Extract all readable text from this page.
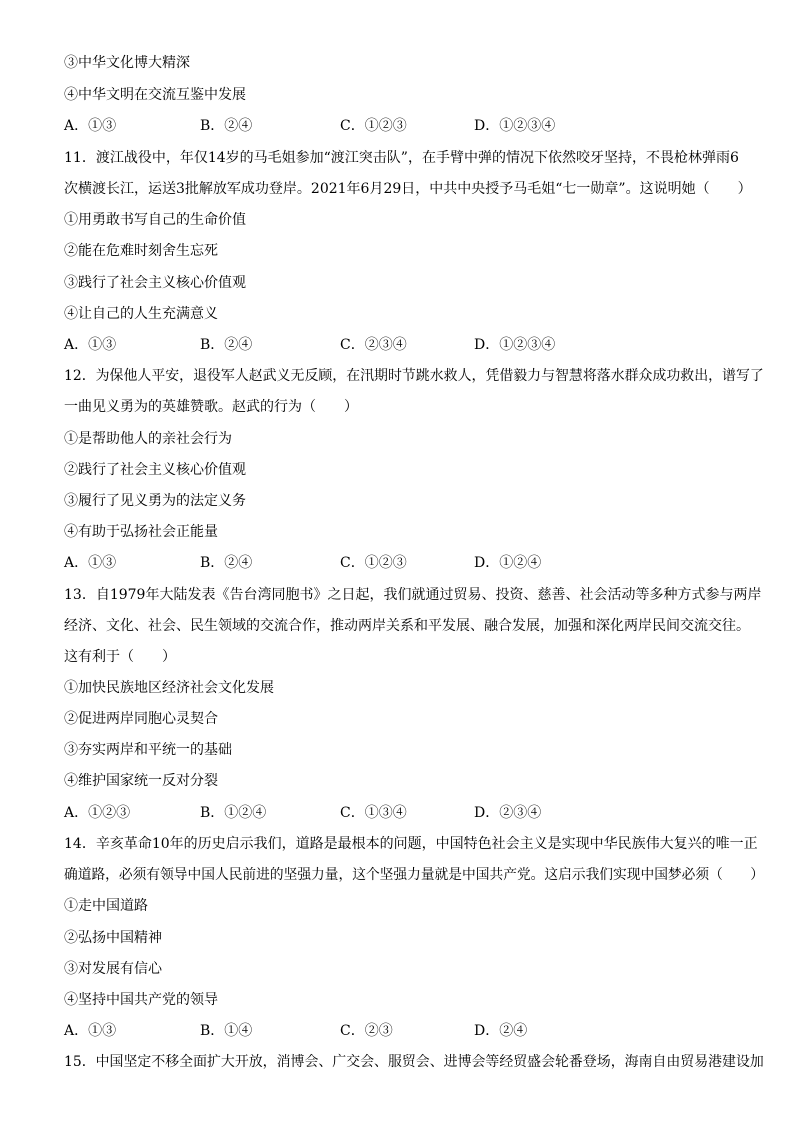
③中华文化博大精深
④中华文明在交流互鉴中发展
A．①③	B．②④	C．①②③	D．①②③④
11．渡江战役中，年仅14岁的马毛姐参加“渡江突击队”，在手臂中弹的情况下依然咬牙坚持，不畏枪林弹雨6
次横渡长江，运送3批解放军成功登岸。2021年6月29日，中共中央授予马毛姐“七一勋章”。这说明她（　　）
①用勇敢书写自己的生命价值
②能在危难时刻舍生忘死
③践行了社会主义核心价值观
④让自己的人生充满意义
A．①③	B．②④	C．②③④	D．①②③④
12．为保他人平安，退役军人赵武义无反顾，在汛期时节跳水救人，凭借毅力与智慧将落水群众成功救出，谱写了
一曲见义勇为的英雄赞歌。赵武的行为（　　）
①是帮助他人的亲社会行为
②践行了社会主义核心价值观
③履行了见义勇为的法定义务
④有助于弘扬社会正能量
A．①③	B．②④	C．①②③	D．①②④
13．自1979年大陆发表《告台湾同胞书》之日起，我们就通过贸易、投资、慈善、社会活动等多种方式参与两岸
经济、文化、社会、民生领域的交流合作，推动两岸关系和平发展、融合发展，加强和深化两岸民间交流交往。
这有利于（　　）
①加快民族地区经济社会文化发展
②促进两岸同胞心灵契合
③夯实两岸和平统一的基础
④维护国家统一反对分裂
A．①②③	B．①②④	C．①③④	D．②③④
14．辛亥革命10年的历史启示我们，道路是最根本的问题，中国特色社会主义是实现中华民族伟大复兴的唯一正
确道路，必须有领导中国人民前进的坚强力量，这个坚强力量就是中国共产党。这启示我们实现中国梦必须（　　）
①走中国道路
②弘扬中国精神
③对发展有信心
④坚持中国共产党的领导
A．①③	B．①④	C．②③	D．②④
15．中国坚定不移全面扩大开放，消博会、广交会、服贸会、进博会等经贸盛会轮番登场，海南自由贸易港建设加
